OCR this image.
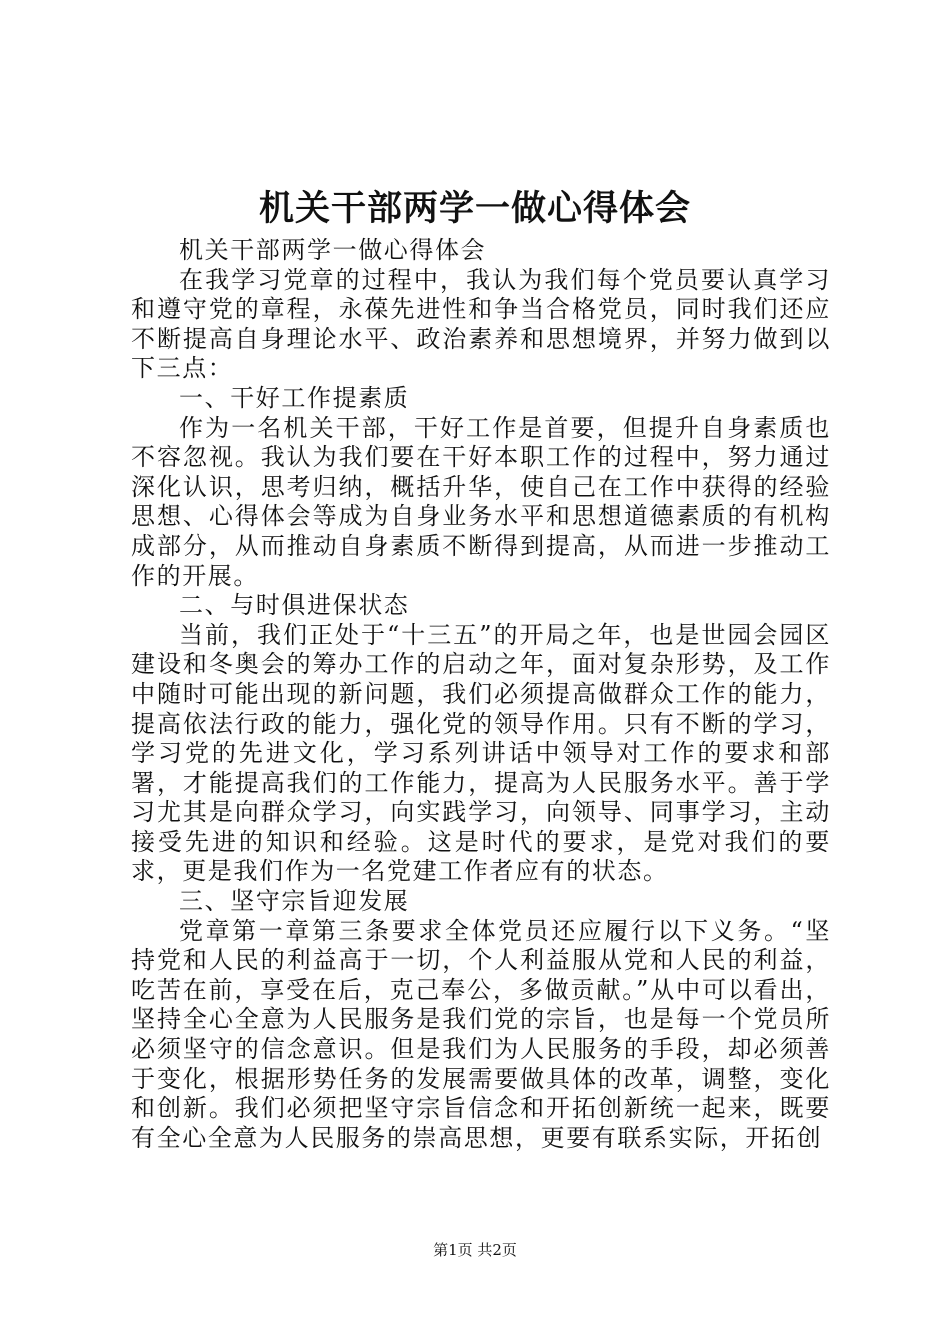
机关干部两学一做心得体会

机关干部两学一做心得体会

在我学习党章的过程中，我认为我们每个党员要认真学习和遵守党的章程，永葆先进性和争当合格党员，同时我们还应不断提高自身理论水平、政治素养和思想境界，并努力做到以下三点：

一、干好工作提素质

作为一名机关干部，干好工作是首要，但提升自身素质也不容忽视。我认为我们要在干好本职工作的过程中，努力通过深化认识，思考归纳，概括升华，使自己在工作中获得的经验思想、心得体会等成为自身业务水平和思想道德素质的有机构成部分，从而推动自身素质不断得到提高，从而进一步推动工作的开展。

二、与时俱进保状态

当前，我们正处于“十三五”的开局之年，也是世园会园区建设和冬奥会的筹办工作的启动之年，面对复杂形势，及工作中随时可能出现的新问题，我们必须提高做群众工作的能力，提高依法行政的能力，强化党的领导作用。只有不断的学习，学习党的先进文化，学习系列讲话中领导对工作的要求和部署，才能提高我们的工作能力，提高为人民服务水平。善于学习尤其是向群众学习，向实践学习，向领导、同事学习，主动接受先进的知识和经验。这是时代的要求，是党对我们的要求，更是我们作为一名党建工作者应有的状态。

三、坚守宗旨迎发展

党章第一章第三条要求全体党员还应履行以下义务。“坚持党和人民的利益高于一切，个人利益服从党和人民的利益，吃苦在前，享受在后，克己奉公，多做贡献。”从中可以看出，坚持全心全意为人民服务是我们党的宗旨，也是每一个党员所必须坚守的信念意识。但是我们为人民服务的手段，却必须善于变化，根据形势任务的发展需要做具体的改革，调整，变化和创新。我们必须把坚守宗旨信念和开拓创新统一起来，既要有全心全意为人民服务的崇高思想，更要有联系实际，开拓创

第1页 共2页
